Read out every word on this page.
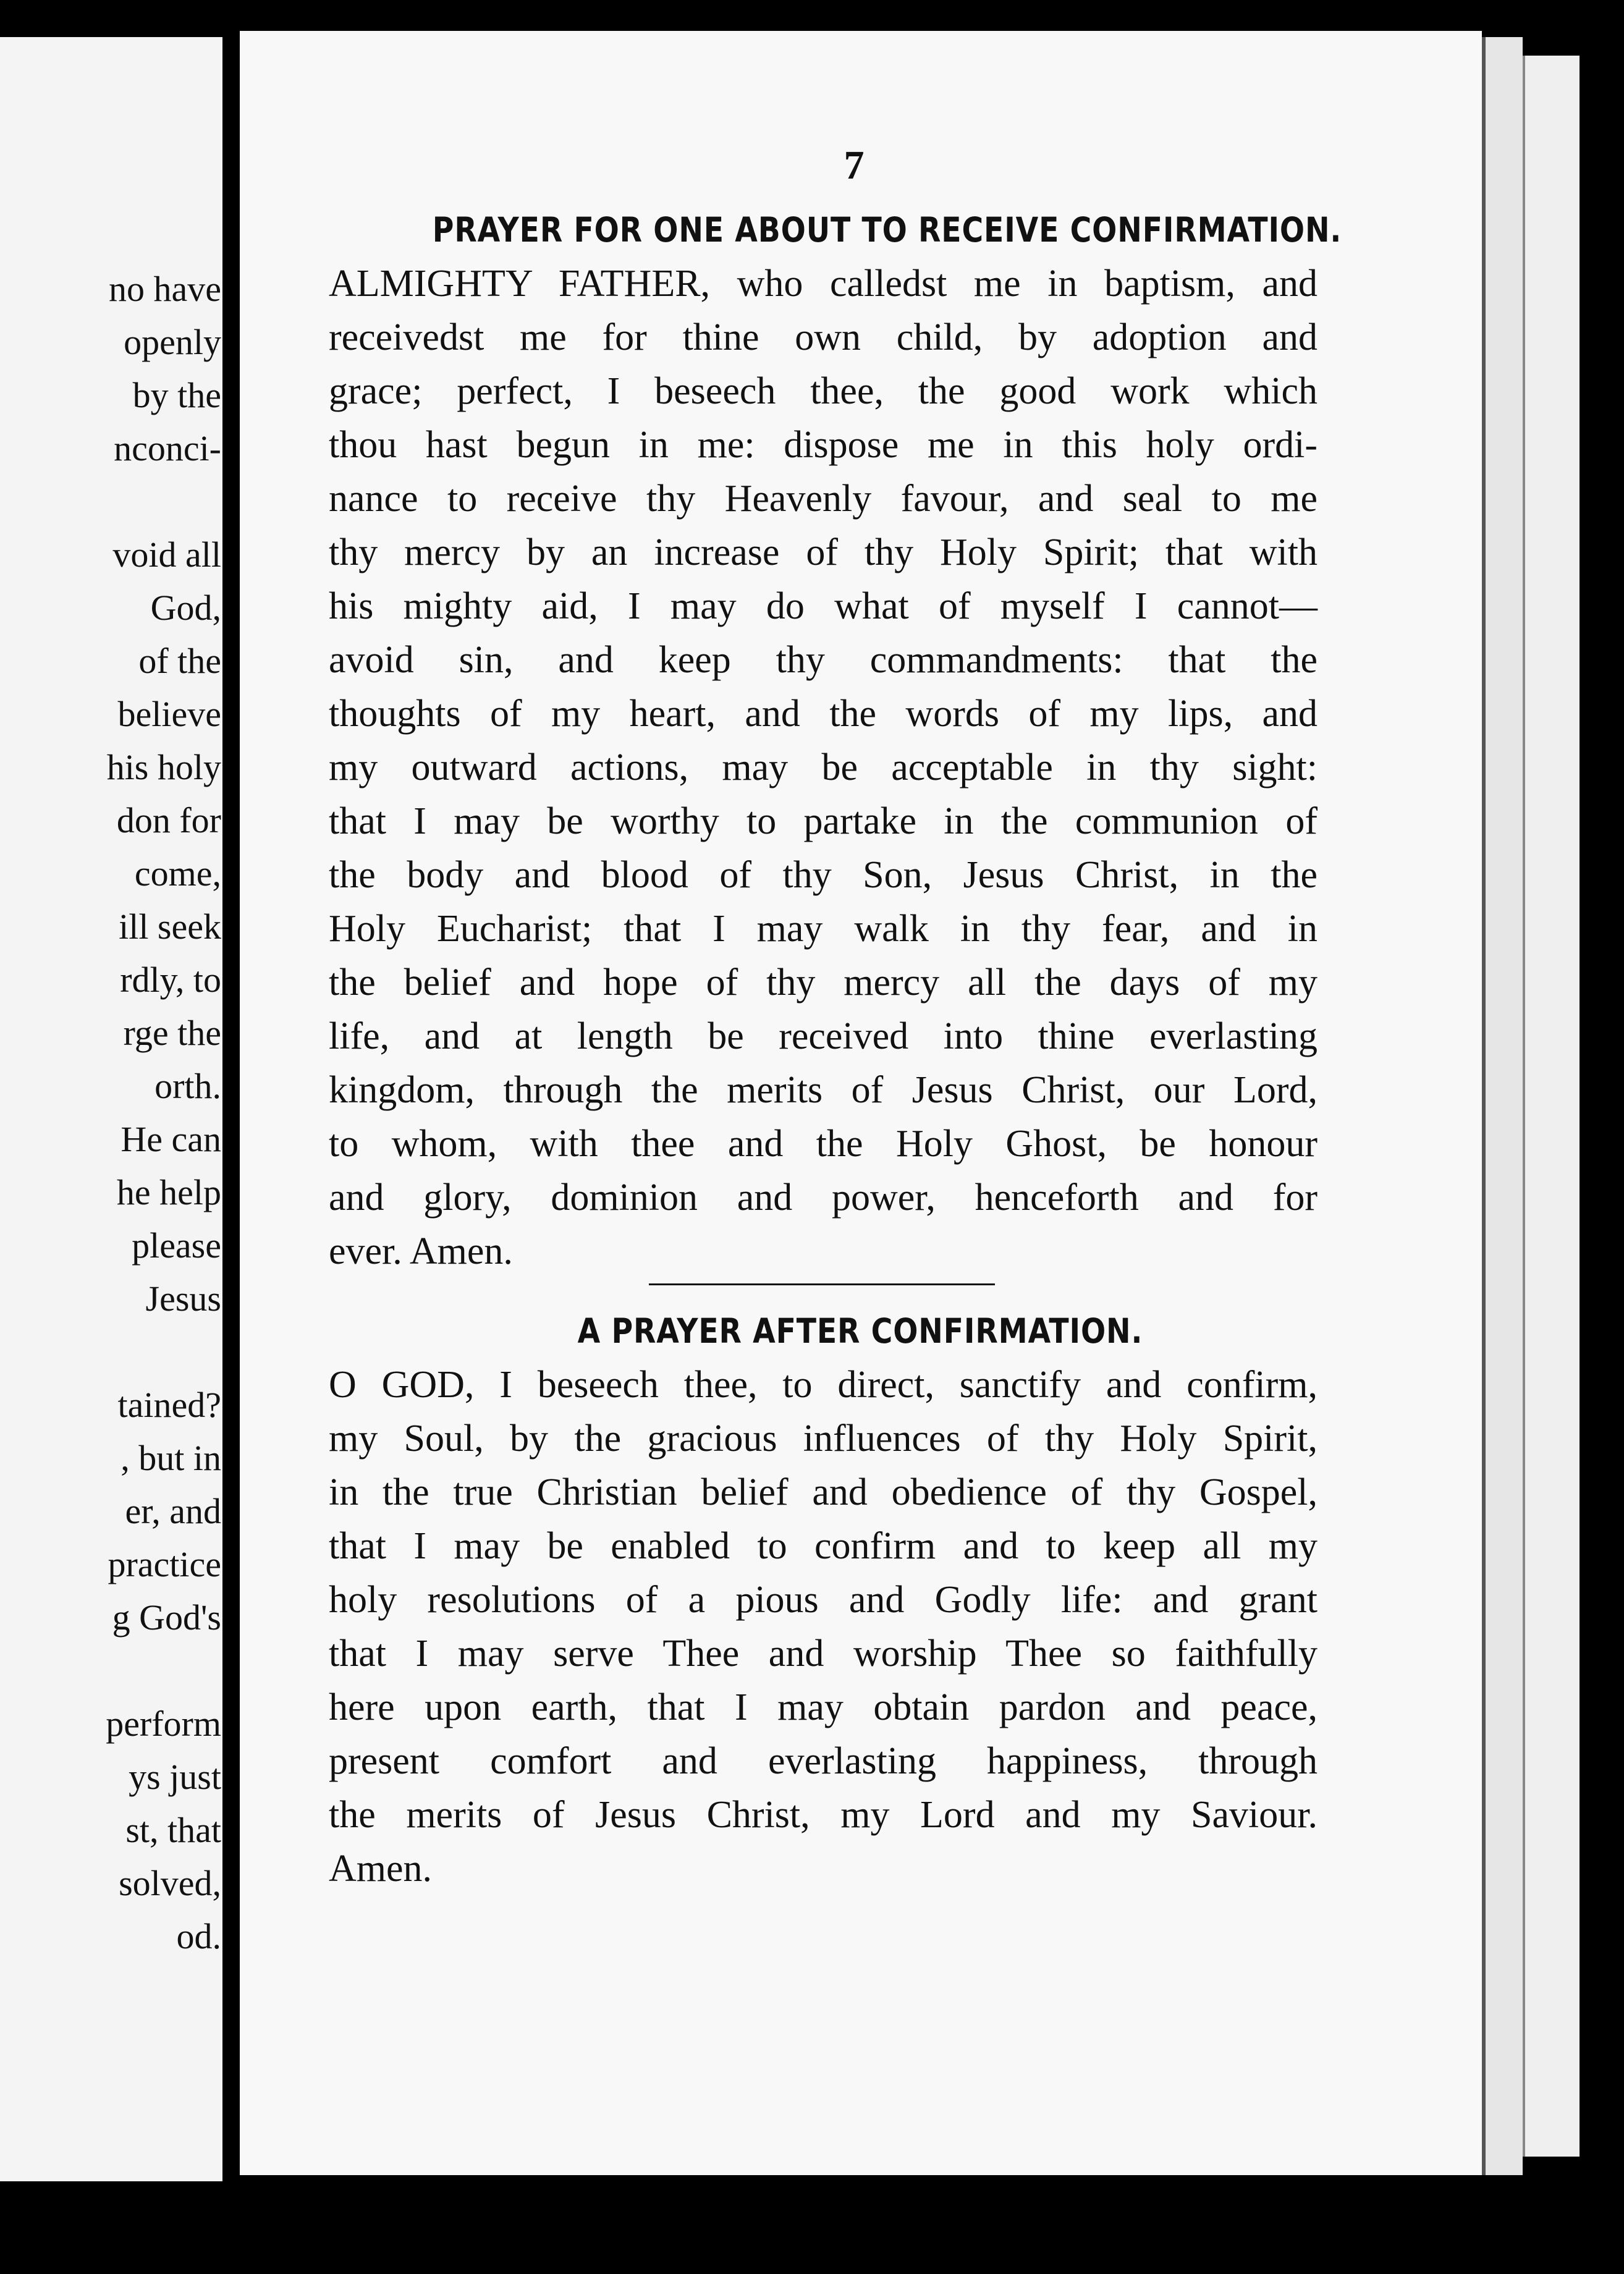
no have
openly
by the
nconci-
void all
God,
of the
believe
his holy
don for
come,
ill seek
rdly, to
rge the
orth.
He can
he help
please
Jesus
tained?
, but in
er, and
practice
g God's
perform
ys just
st, that
solved,
od.
7
PRAYER FOR ONE ABOUT TO RECEIVE CONFIRMATION.
ALMIGHTY FATHER, who calledst me in baptism, and
receivedst me for thine own child, by adoption and
grace; perfect, I beseech thee, the good work which
thou hast begun in me: dispose me in this holy ordi-
nance to receive thy Heavenly favour, and seal to me
thy mercy by an increase of thy Holy Spirit; that with
his mighty aid, I may do what of myself I cannot—
avoid sin, and keep thy commandments: that the
thoughts of my heart, and the words of my lips, and
my outward actions, may be acceptable in thy sight:
that I may be worthy to partake in the communion of
the body and blood of thy Son, Jesus Christ, in the
Holy Eucharist; that I may walk in thy fear, and in
the belief and hope of thy mercy all the days of my
life, and at length be received into thine everlasting
kingdom, through the merits of Jesus Christ, our Lord,
to whom, with thee and the Holy Ghost, be honour
and glory, dominion and power, henceforth and for
ever. Amen.
A PRAYER AFTER CONFIRMATION.
O GOD, I beseech thee, to direct, sanctify and confirm,
my Soul, by the gracious influences of thy Holy Spirit,
in the true Christian belief and obedience of thy Gospel,
that I may be enabled to confirm and to keep all my
holy resolutions of a pious and Godly life: and grant
that I may serve Thee and worship Thee so faithfully
here upon earth, that I may obtain pardon and peace,
present comfort and everlasting happiness, through
the merits of Jesus Christ, my Lord and my Saviour.
Amen.
